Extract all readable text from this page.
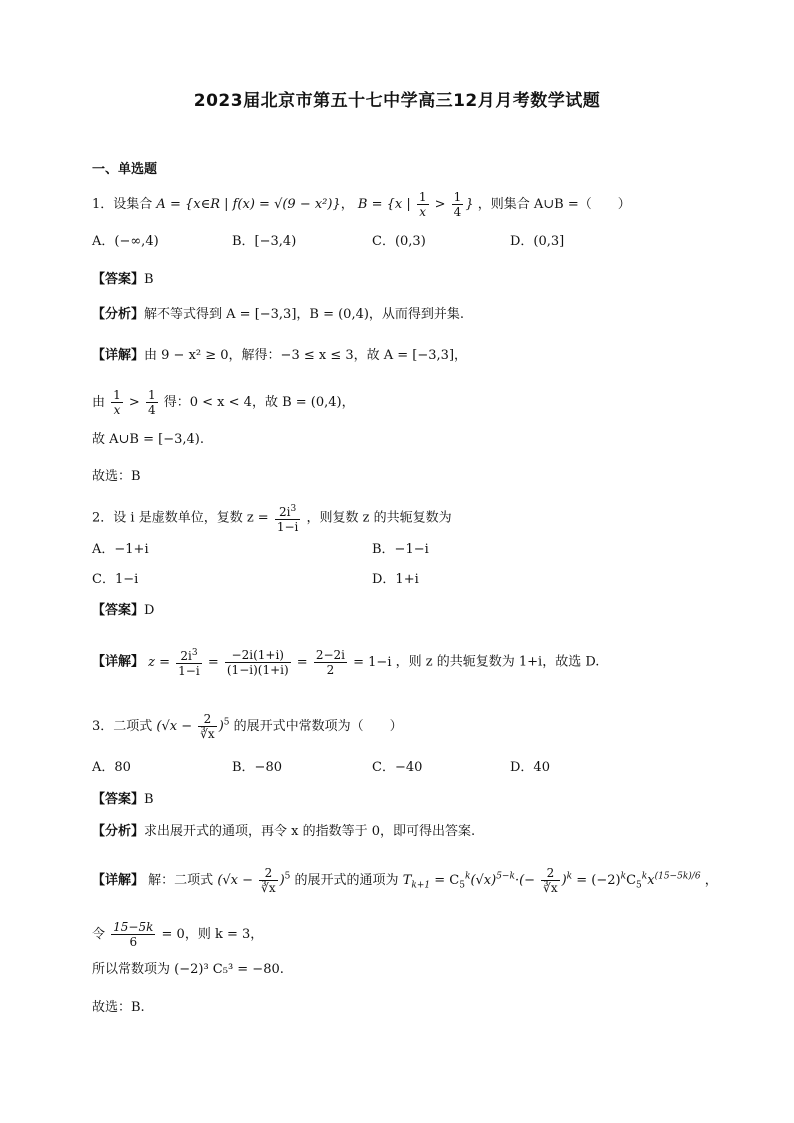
2023届北京市第五十七中学高三12月月考数学试题
一、单选题
1．设集合 A = {x∈R | f(x) = √(9 − x²)}， B = {x | $\frac{1}{x} > \frac{1}{4}$ } ，则集合 A∪B =（　　）
A．(−∞,4)	B．[−3,4)	C．(0,3)	D．(0,3]
【答案】B
【分析】解不等式得到 A = [−3,3]，B = (0,4)，从而得到并集.
【详解】由 9 − x² ≥ 0，解得：−3 ≤ x ≤ 3，故 A = [−3,3]，
由 $\frac{1}{x} > \frac{1}{4}$ 得：0 < x < 4，故 B = (0,4)，
故 A∪B = [−3,4).
故选：B
2．设 i 是虚数单位，复数 $z = \frac{2i^3}{1-i}$ ，则复数 z 的共轭复数为
A．−1+i	B．−1−i
C．1−i	D．1+i
【答案】D
【详解】 $z = \frac{2i^3}{1-i} = \frac{-2i(1+i)}{(1-i)(1+i)} = \frac{2-2i}{2} = 1-i$ ，则 z 的共轭复数为 1+i，故选 D.
3．二项式 $(√x - \frac{2}{∛x} )^5$ 的展开式中常数项为（　　）
A．80	B．−80	C．−40	D．40
【答案】B
【分析】求出展开式的通项，再令 x 的指数等于 0，即可得出答案.
【详解】 解：二项式 $(√x - \frac{2}{∛x} )^5$ 的展开式的通项为 $T_{k+1} = C_5^k(√x)^{5-k}\cdot(- \frac{2}{∛x} )^k = (-2)^kC_5^kx^{(15-5k)/6}$ ，
令 $\frac{15-5k}{6} = 0$，则 k = 3，
所以常数项为 (−2)³ C₅³ = −80.
故选：B.
